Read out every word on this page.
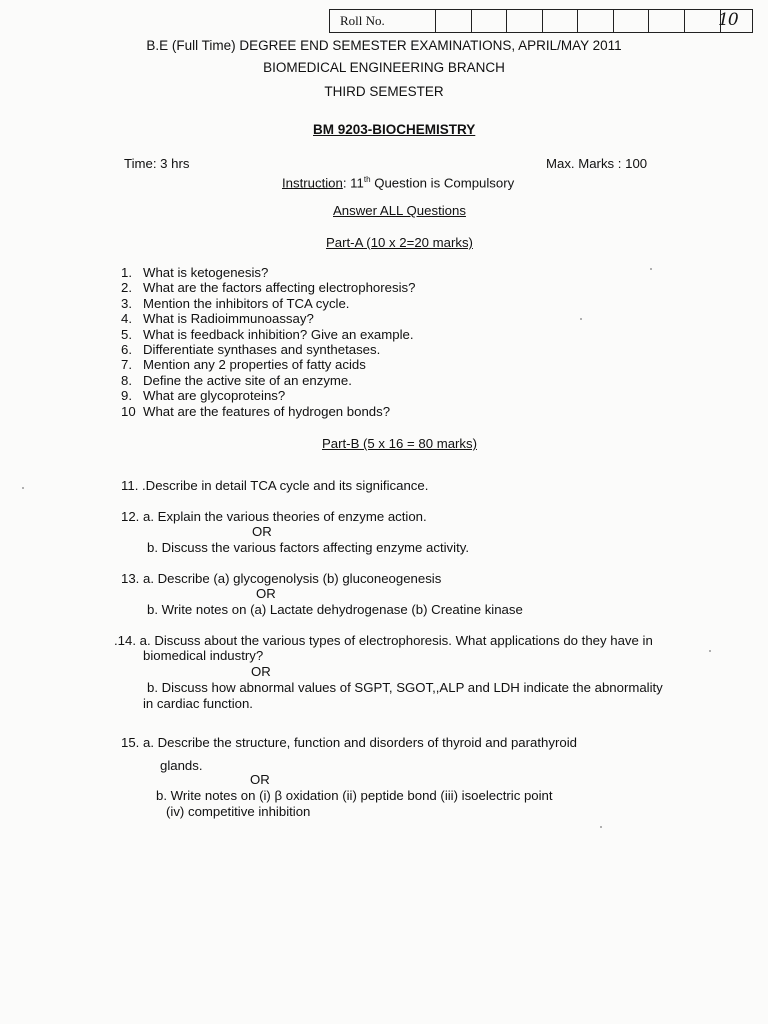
Roll No.	10
B.E (Full Time) DEGREE END SEMESTER EXAMINATIONS, APRIL/MAY 2011
BIOMEDICAL ENGINEERING BRANCH
THIRD SEMESTER
BM 9203-BIOCHEMISTRY
Time: 3 hrs	Max. Marks : 100
Instruction: 11th Question is Compulsory
Answer ALL Questions
Part-A (10 x 2=20 marks)
1. What is ketogenesis?
2. What are the factors affecting electrophoresis?
3. Mention the inhibitors of TCA cycle.
4. What is Radioimmunoassay?
5. What is feedback inhibition? Give an example.
6. Differentiate synthases and synthetases.
7. Mention any 2 properties of fatty acids
8. Define the active site of an enzyme.
9. What are glycoproteins?
10 What are the features of hydrogen bonds?
Part-B (5 x 16 = 80 marks)
11. .Describe in detail TCA cycle and its significance.
12. a. Explain the various theories of enzyme action.
OR
b. Discuss the various factors affecting enzyme activity.
13. a. Describe (a) glycogenolysis (b) gluconeogenesis
OR
b. Write notes on (a) Lactate dehydrogenase (b) Creatine kinase
.14. a. Discuss about the various types of electrophoresis. What applications do they have in
biomedical industry?
OR
b. Discuss how abnormal values of SGPT, SGOT,,ALP and LDH indicate the abnormality
in cardiac function.
15. a. Describe the structure, function and disorders of thyroid and parathyroid
glands.
OR
b. Write notes on (i) β oxidation (ii) peptide bond (iii) isoelectric point
(iv) competitive inhibition
